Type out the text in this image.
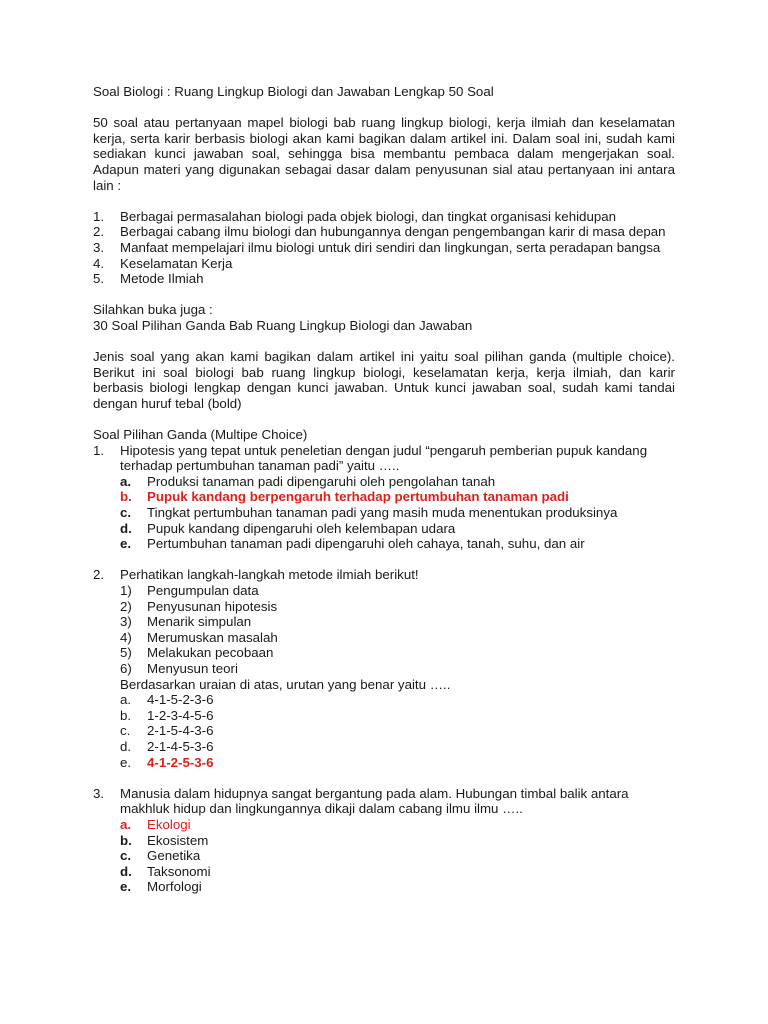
Soal Biologi : Ruang Lingkup Biologi dan Jawaban Lengkap 50 Soal

50 soal atau pertanyaan mapel biologi bab ruang lingkup biologi, kerja ilmiah dan keselamatan kerja, serta karir berbasis biologi akan kami bagikan dalam artikel ini. Dalam soal ini, sudah kami sediakan kunci jawaban soal, sehingga bisa membantu pembaca dalam mengerjakan soal. Adapun materi yang digunakan sebagai dasar dalam penyusunan sial atau pertanyaan ini antara lain :

1. Berbagai permasalahan biologi pada objek biologi, dan tingkat organisasi kehidupan
2. Berbagai cabang ilmu biologi dan hubungannya dengan pengembangan karir di masa depan
3. Manfaat mempelajari ilmu biologi untuk diri sendiri dan lingkungan, serta peradapan bangsa
4. Keselamatan Kerja
5. Metode Ilmiah

Silahkan buka juga :

30 Soal Pilihan Ganda Bab Ruang Lingkup Biologi dan Jawaban

Jenis soal yang akan kami bagikan dalam artikel ini yaitu soal pilihan ganda (multiple choice). Berikut ini soal biologi bab ruang lingkup biologi, keselamatan kerja, kerja ilmiah, dan karir berbasis biologi lengkap dengan kunci jawaban. Untuk kunci jawaban soal, sudah kami tandai dengan huruf tebal (bold)

Soal Pilihan Ganda (Multipe Choice)

1. Hipotesis yang tepat untuk peneletian dengan judul “pengaruh pemberian pupuk kandang terhadap pertumbuhan tanaman padi” yaitu …..

a. Produksi tanaman padi dipengaruhi oleh pengolahan tanah
b. Pupuk kandang berpengaruh terhadap pertumbuhan tanaman padi
c. Tingkat pertumbuhan tanaman padi yang masih muda menentukan produksinya
d. Pupuk kandang dipengaruhi oleh kelembapan udara
e. Pertumbuhan tanaman padi dipengaruhi oleh cahaya, tanah, suhu, dan air
2. Perhatikan langkah-langkah metode ilmiah berikut!

1) Pengumpulan data
2) Penyusunan hipotesis
3) Menarik simpulan
4) Merumuskan masalah
5) Melakukan pecobaan
6) Menyusun teori

Berdasarkan uraian di atas, urutan yang benar yaitu …..

a. 4-1-5-2-3-6
b. 1-2-3-4-5-6
c. 2-1-5-4-3-6
d. 2-1-4-5-3-6
e. 4-1-2-5-3-6
3. Manusia dalam hidupnya sangat bergantung pada alam. Hubungan timbal balik antara makhluk hidup dan lingkungannya dikaji dalam cabang ilmu ilmu …..

a. Ekologi
b. Ekosistem
c. Genetika
d. Taksonomi
e. Morfologi
